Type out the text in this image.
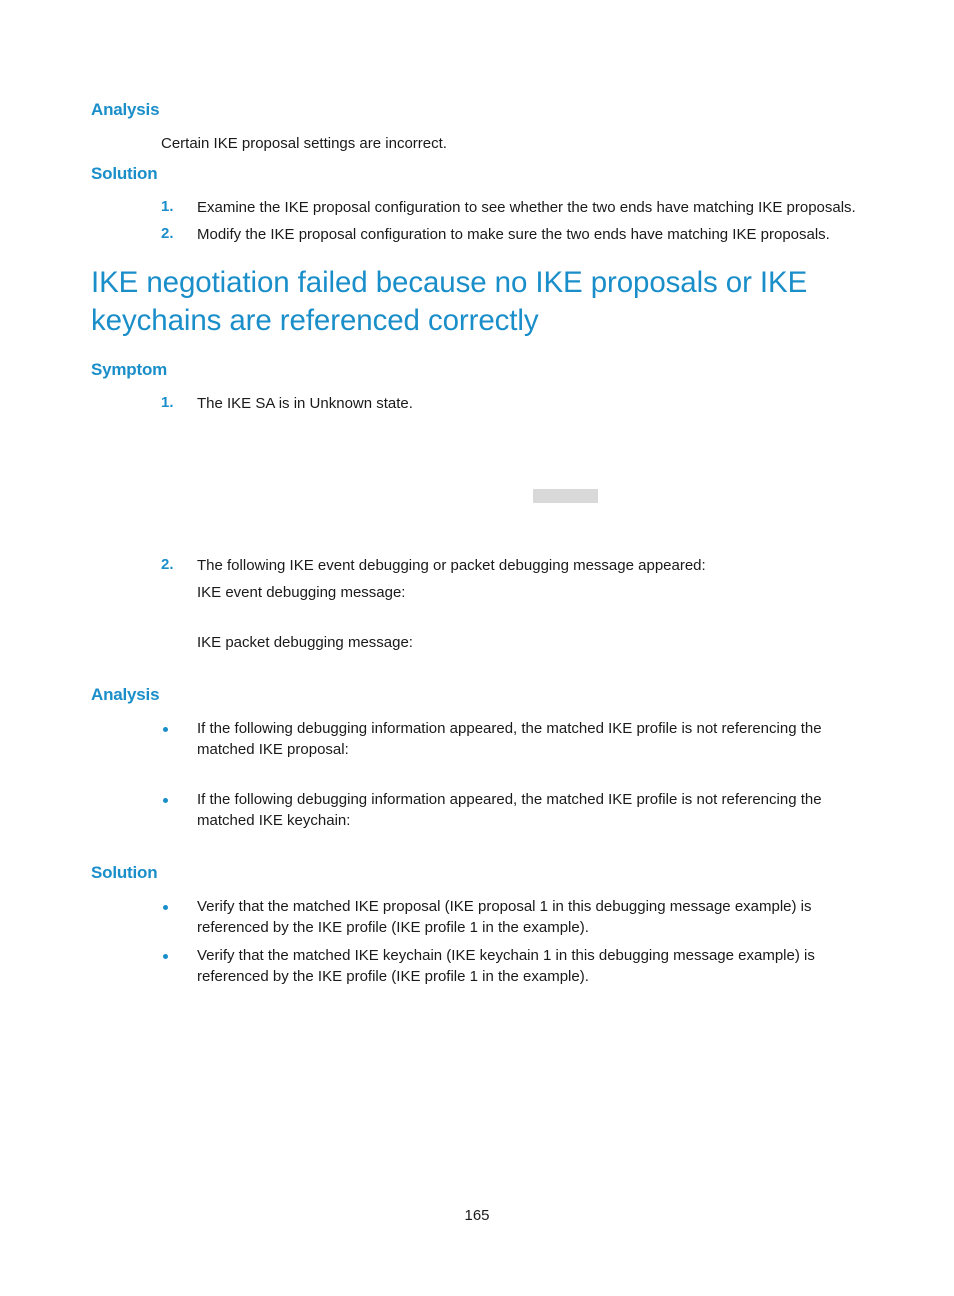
Analysis

Certain IKE proposal settings are incorrect.

Solution
1. Examine the IKE proposal configuration to see whether the two ends have matching IKE proposals.

2. Modify the IKE proposal configuration to make sure the two ends have matching IKE proposals.

IKE negotiation failed because no IKE proposals or IKE keychains are referenced correctly
Symptom
1. The IKE SA is in Unknown state.

2. The following IKE event debugging or packet debugging message appeared:

IKE event debugging message:

IKE packet debugging message:

Analysis

If the following debugging information appeared, the matched IKE profile is not referencing the matched IKE proposal:

If the following debugging information appeared, the matched IKE profile is not referencing the matched IKE keychain:

Solution

Verify that the matched IKE proposal (IKE proposal 1 in this debugging message example) is referenced by the IKE profile (IKE profile 1 in the example).

Verify that the matched IKE keychain (IKE keychain 1 in this debugging message example) is referenced by the IKE profile (IKE profile 1 in the example).

165
